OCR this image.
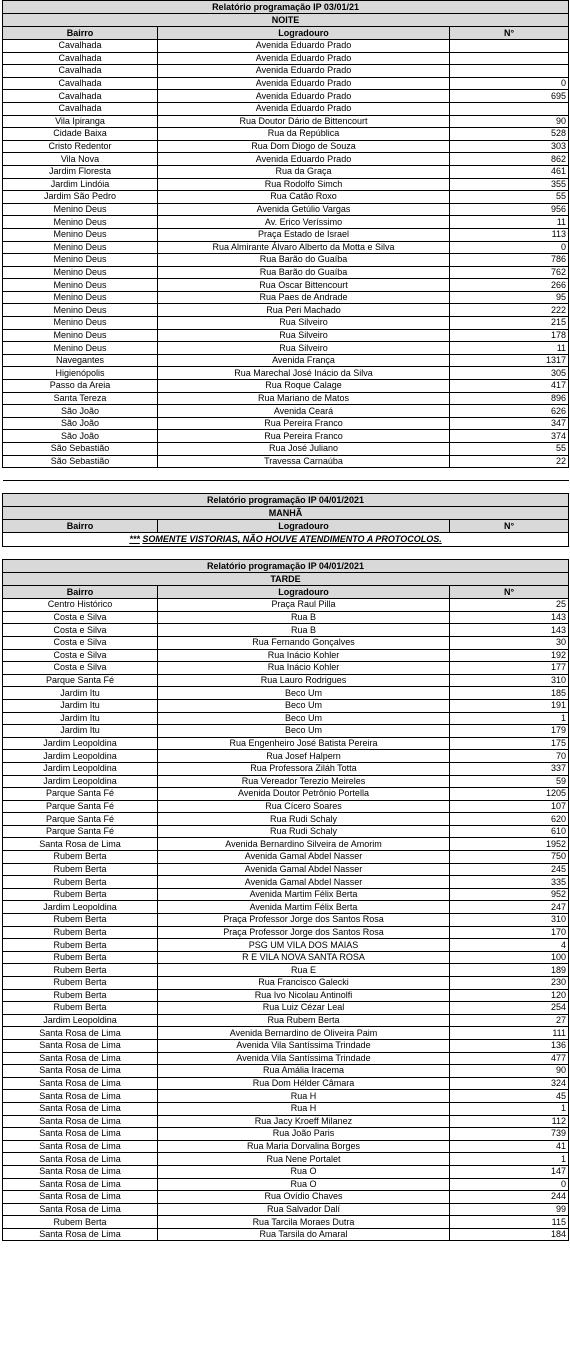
Relatório programação IP 03/01/21		
NOITE		
Bairro	Logradouro	N°
Cavalhada	Avenida Eduardo Prado	
Cavalhada	Avenida Eduardo Prado	
Cavalhada	Avenida Eduardo Prado	
Cavalhada	Avenida Eduardo Prado	0
Cavalhada	Avenida Eduardo Prado	695
Cavalhada	Avenida Eduardo Prado	
Vila Ipiranga	Rua Doutor Dário de Bittencourt	90
Cidade Baixa	Rua da República	528
Cristo Redentor	Rua Dom Diogo de Souza	303
Vila Nova	Avenida Eduardo Prado	862
Jardim Floresta	Rua da Graça	461
Jardim Lindóia	Rua Rodolfo Simch	355
Jardim São Pedro	Rua Catão Roxo	55
Menino Deus	Avenida Getúlio Vargas	956
Menino Deus	Av. Erico Veríssimo	11
Menino Deus	Praça Estado de Israel	113
Menino Deus	Rua Almirante Álvaro Alberto da Motta e Silva	0
Menino Deus	Rua Barão do Guaíba	786
Menino Deus	Rua Barão do Guaíba	762
Menino Deus	Rua Oscar Bittencourt	266
Menino Deus	Rua Paes de Andrade	95
Menino Deus	Rua Peri Machado	222
Menino Deus	Rua Silveiro	215
Menino Deus	Rua Silveiro	178
Menino Deus	Rua Silveiro	11
Navegantes	Avenida França	1317
Higienópolis	Rua Marechal José Inácio da Silva	305
Passo da Areia	Rua Roque Calage	417
Santa Tereza	Rua Mariano de Matos	896
São João	Avenida Ceará	626
São João	Rua Pereira Franco	347
São João	Rua Pereira Franco	374
São Sebastião	Rua José Juliano	55
São Sebastião	Travessa Carnaúba	22

Relatório programação IP 04/01/2021		
MANHÃ		
Bairro	Logradouro	N°
*** SOMENTE VISTORIAS, NÃO HOUVE ATENDIMENTO A PROTOCOLOS.		

Relatório programação IP 04/01/2021		
TARDE		
Bairro	Logradouro	N°
Centro Histórico	Praça Raul Pilla	25
Costa e Silva	Rua B	143
Costa e Silva	Rua B	143
Costa e Silva	Rua Fernando Gonçalves	30
Costa e Silva	Rua Inácio Kohler	192
Costa e Silva	Rua Inácio Kohler	177
Parque Santa Fé	Rua Lauro Rodrigues	310
Jardim Itu	Beco Um	185
Jardim Itu	Beco Um	191
Jardim Itu	Beco Um	1
Jardim Itu	Beco Um	179
Jardim Leopoldina	Rua Engenheiro José Batista Pereira	175
Jardim Leopoldina	Rua Josef Halpern	70
Jardim Leopoldina	Rua Professora Ziláh Totta	337
Jardim Leopoldina	Rua Vereador Terezio Meireles	59
Parque Santa Fé	Avenida Doutor Petrônio Portella	1205
Parque Santa Fé	Rua Cícero Soares	107
Parque Santa Fé	Rua Rudi Schaly	620
Parque Santa Fé	Rua Rudi Schaly	610
Santa Rosa de Lima	Avenida Bernardino Silveira de Amorim	1952
Rubem Berta	Avenida Gamal Abdel Nasser	750
Rubem Berta	Avenida Gamal Abdel Nasser	245
Rubem Berta	Avenida Gamal Abdel Nasser	335
Rubem Berta	Avenida Martim Félix Berta	952
Jardim Leopoldina	Avenida Martim Félix Berta	247
Rubem Berta	Praça Professor Jorge dos Santos Rosa	310
Rubem Berta	Praça Professor Jorge dos Santos Rosa	170
Rubem Berta	PSG UM VILA DOS MAIAS	4
Rubem Berta	R E VILA NOVA SANTA ROSA	100
Rubem Berta	Rua E	189
Rubem Berta	Rua Francisco Galecki	230
Rubem Berta	Rua Ivo Nicolau Antinolfi	120
Rubem Berta	Rua Luiz Cézar Leal	254
Jardim Leopoldina	Rua Rubem Berta	27
Santa Rosa de Lima	Avenida Bernardino de Oliveira Paim	111
Santa Rosa de Lima	Avenida Vila Santíssima Trindade	136
Santa Rosa de Lima	Avenida Vila Santíssima Trindade	477
Santa Rosa de Lima	Rua Amália Iracema	90
Santa Rosa de Lima	Rua Dom Hélder Câmara	324
Santa Rosa de Lima	Rua H	45
Santa Rosa de Lima	Rua H	1
Santa Rosa de Lima	Rua Jacy Kroeff Milanez	112
Santa Rosa de Lima	Rua João Paris	739
Santa Rosa de Lima	Rua Maria Dorvalina Borges	41
Santa Rosa de Lima	Rua Nene Portalet	1
Santa Rosa de Lima	Rua O	147
Santa Rosa de Lima	Rua O	0
Santa Rosa de Lima	Rua Ovídio Chaves	244
Santa Rosa de Lima	Rua Salvador Dalí	99
Rubem Berta	Rua Tarcila Moraes Dutra	115
Santa Rosa de Lima	Rua Tarsila do Amaral	184
